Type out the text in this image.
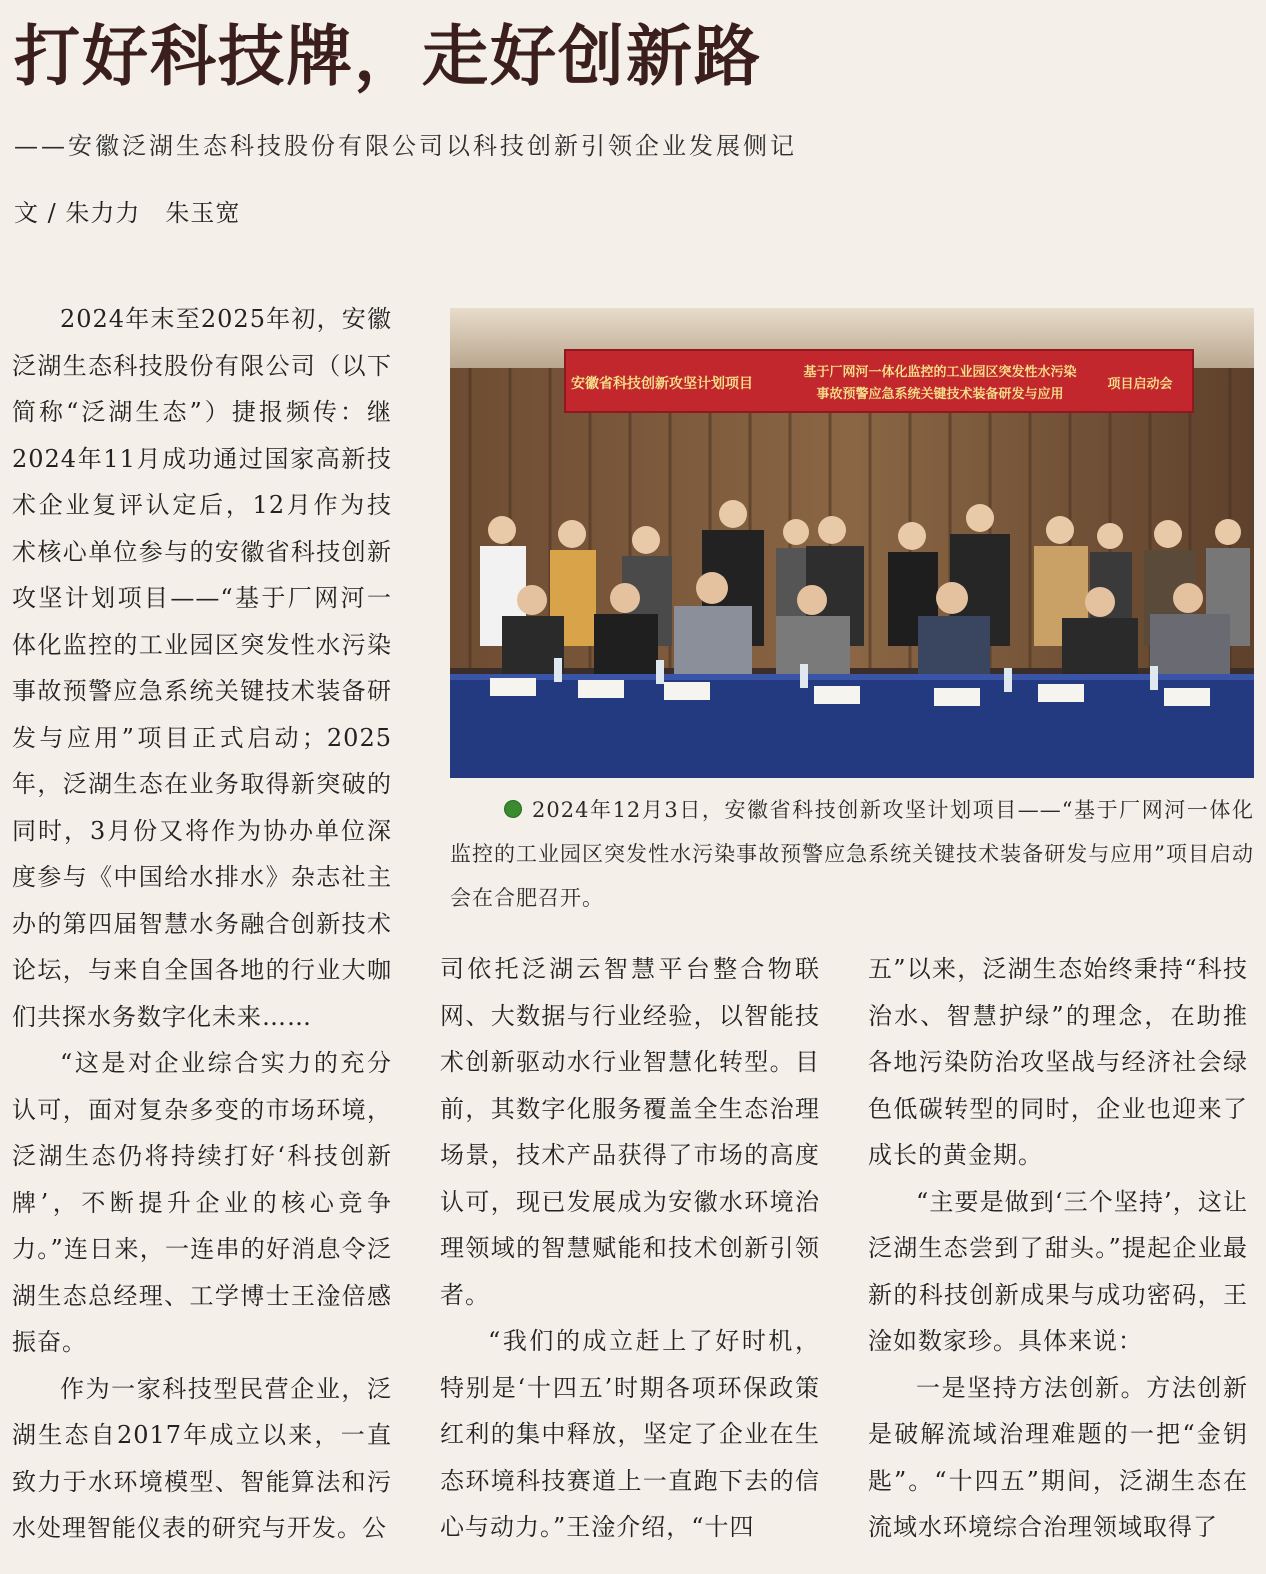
打好科技牌，走好创新路
——安徽泛湖生态科技股份有限公司以科技创新引领企业发展侧记
文 / 朱力力　朱玉宽

2024年末至2025年初，安徽泛湖生态科技股份有限公司（以下简称“泛湖生态”）捷报频传：继2024年11月成功通过国家高新技术企业复评认定后，12月作为技术核心单位参与的安徽省科技创新攻坚计划项目——“基于厂网河一体化监控的工业园区突发性水污染事故预警应急系统关键技术装备研发与应用”项目正式启动；2025年，泛湖生态在业务取得新突破的同时，3月份又将作为协办单位深度参与《中国给水排水》杂志社主办的第四届智慧水务融合创新技术论坛，与来自全国各地的行业大咖们共探水务数字化未来……

“这是对企业综合实力的充分认可，面对复杂多变的市场环境，泛湖生态仍将持续打好‘科技创新牌’，不断提升企业的核心竞争力。”连日来，一连串的好消息令泛湖生态总经理、工学博士王淦倍感振奋。

作为一家科技型民营企业，泛湖生态自2017年成立以来，一直致力于水环境模型、智能算法和污水处理智能仪表的研究与开发。公

安徽省科技创新攻坚计划项目
基于厂网河一体化监控的工业园区突发性水污染
事故预警应急系统关键技术装备研发与应用
项目启动会
2024年12月3日，安徽省科技创新攻坚计划项目——“基于厂网河一体化监控的工业园区突发性水污染事故预警应急系统关键技术装备研发与应用”项目启动会在合肥召开。

司依托泛湖云智慧平台整合物联网、大数据与行业经验，以智能技术创新驱动水行业智慧化转型。目前，其数字化服务覆盖全生态治理场景，技术产品获得了市场的高度认可，现已发展成为安徽水环境治理领域的智慧赋能和技术创新引领者。

“我们的成立赶上了好时机，特别是‘十四五’时期各项环保政策红利的集中释放，坚定了企业在生态环境科技赛道上一直跑下去的信心与动力。”王淦介绍，“十四

五”以来，泛湖生态始终秉持“科技治水、智慧护绿”的理念，在助推各地污染防治攻坚战与经济社会绿色低碳转型的同时，企业也迎来了成长的黄金期。

“主要是做到‘三个坚持’，这让泛湖生态尝到了甜头。”提起企业最新的科技创新成果与成功密码，王淦如数家珍。具体来说：

一是坚持方法创新。方法创新是破解流域治理难题的一把“金钥匙”。“十四五”期间，泛湖生态在流域水环境综合治理领域取得了
